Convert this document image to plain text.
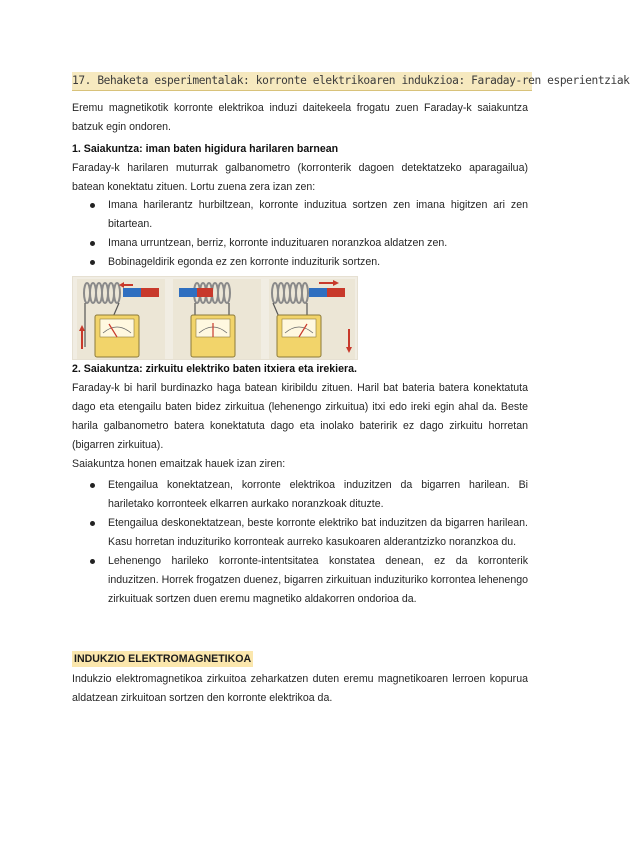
17. Behaketa esperimentalak: korronte elektrikoaren indukzioa: Faraday-ren esperientziak
Eremu magnetikotik korronte elektrikoa induzi daitekeela frogatu zuen Faraday-k saiakuntza batzuk egin ondoren.
1. Saiakuntza: iman baten higidura harilaren barnean
Faraday-k harilaren muturrak galbanometro (korronterik dagoen detektatzeko aparagailua) batean konektatu zituen. Lortu zuena zera izan zen:
Imana harilerantz hurbiltzean, korronte induzitua sortzen zen imana higitzen ari zen bitartean.
Imana urruntzean, berriz, korronte induzituaren noranzkoa aldatzen zen.
Bobinageldirik egonda ez zen korronte induziturik sortzen.
2. Saiakuntza: zirkuitu elektriko baten itxiera eta irekiera.
Faraday-k bi haril burdinazko haga batean kiribildu zituen. Haril bat bateria batera konektatuta dago eta etengailu baten bidez zirkuitua (lehenengo zirkuitua) itxi edo ireki egin ahal da. Beste harila galbanometro batera konektatuta dago eta inolako bateririk ez dago zirkuitu horretan (bigarren zirkuitua).
Saiakuntza honen emaitzak hauek izan ziren:
Etengailua konektatzean, korronte elektrikoa induzitzen da bigarren harilean. Bi hariletako korronteek elkarren aurkako noranzkoak dituzte.
Etengailua deskonektatzean, beste korronte elektriko bat induzitzen da bigarren harilean. Kasu horretan induzituriko korronteak aurreko kasukoaren alderantzizko noranzkoa du.
Lehenengo harileko korronte-intentsitatea konstatea denean, ez da korronterik induzitzen. Horrek frogatzen duenez, bigarren zirkuituan induzituriko korrontea lehenengo zirkuituak sortzen duen eremu magnetiko aldakorren ondorioa da.
INDUKZIO ELEKTROMAGNETIKOA
Indukzio elektromagnetikoa zirkuitoa zeharkatzen duten eremu magnetikoaren lerroen kopurua aldatzean zirkuitoan sortzen den korronte elektrikoa da.
